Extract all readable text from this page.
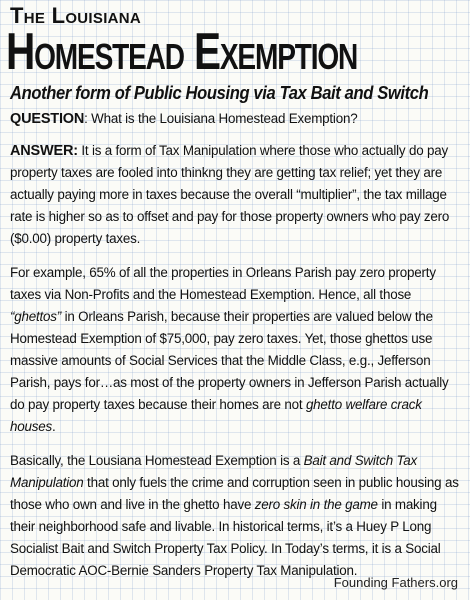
The Louisiana
Homestead Exemption
Another form of Public Housing via Tax Bait and Switch

QUESTION: What is the Louisiana Homestead Exemption?

ANSWER: It is a form of Tax Manipulation where those who actually do pay property taxes are fooled into thinkng they are getting tax relief; yet they are actually paying more in taxes because the overall “multiplier”, the tax millage rate is higher so as to offset and pay for those property owners who pay zero ($0.00) property taxes.

For example, 65% of all the properties in Orleans Parish pay zero property taxes via Non-Profits and the Homestead Exemption. Hence, all those “ghettos” in Orleans Parish, because their properties are valued below the Homestead Exemption of $75,000, pay zero taxes. Yet, those ghettos use massive amounts of Social Services that the Middle Class, e.g., Jefferson Parish, pays for…as most of the property owners in Jefferson Parish actually do pay property taxes because their homes are not ghetto welfare crack houses.

Basically, the Lousiana Homestead Exemption is a Bait and Switch Tax Manipulation that only fuels the crime and corruption seen in public housing as those who own and live in the ghetto have zero skin in the game in making their neighborhood safe and livable. In historical terms, it’s a Huey P Long Socialist Bait and Switch Property Tax Policy. In Today’s terms, it is a Social Democratic AOC-Bernie Sanders Property Tax Manipulation.

Founding Fathers.org
